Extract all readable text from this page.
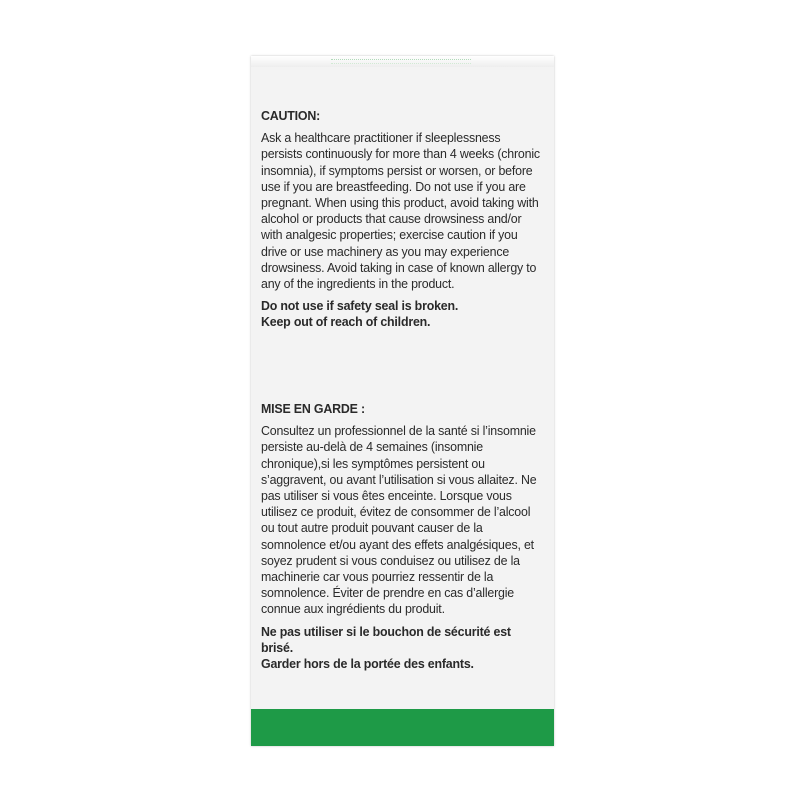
CAUTION:

Ask a healthcare practitioner if sleeplessness persists continuously for more than 4 weeks (chronic insomnia), if symptoms persist or worsen, or before use if you are breastfeeding. Do not use if you are pregnant. When using this product, avoid taking with alcohol or products that cause drowsiness and/or with analgesic properties; exercise caution if you drive or use machinery as you may experience drowsiness. Avoid taking in case of known allergy to any of the ingredients in the product.

Do not use if safety seal is broken.

Keep out of reach of children.

MISE EN GARDE :

Consultez un professionnel de la santé si l’insomnie persiste au-delà de 4 semaines (insomnie chronique),si les symptômes persistent ou s’aggravent, ou avant l’utilisation si vous allaitez. Ne pas utiliser si vous êtes enceinte. Lorsque vous utilisez ce produit, évitez de consommer de l’alcool ou tout autre produit pouvant causer de la somnolence et/ou ayant des effets analgésiques, et soyez prudent si vous conduisez ou utilisez de la machinerie car vous pourriez ressentir de la somnolence. Éviter de prendre en cas d’allergie connue aux ingrédients du produit.

Ne pas utiliser si le bouchon de sécurité est brisé.

Garder hors de la portée des enfants.
